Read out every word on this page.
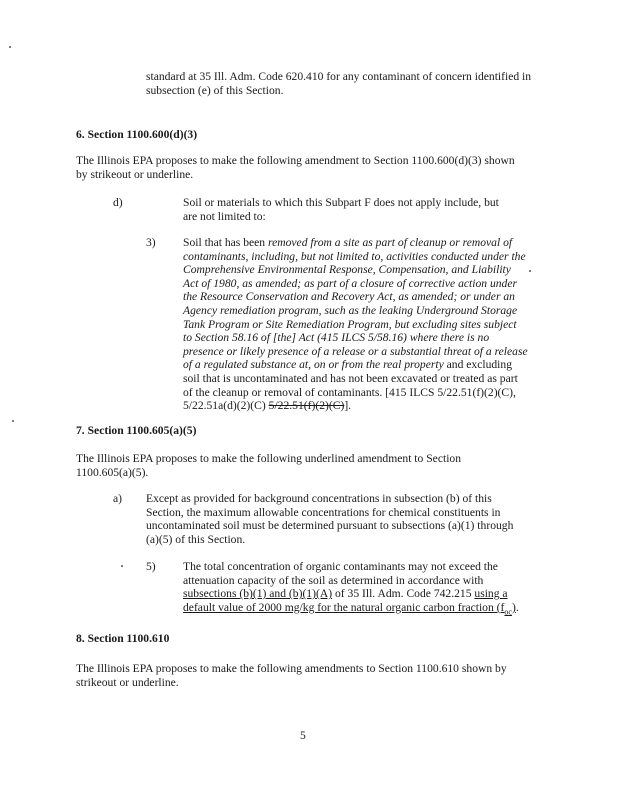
standard at 35 Ill. Adm. Code 620.410 for any contaminant of concern identified in subsection (e) of this Section.

6. Section 1100.600(d)(3)

The Illinois EPA proposes to make the following amendment to Section 1100.600(d)(3) shown by strikeout or underline.

d)	Soil or materials to which this Subpart F does not apply include, but are not limited to:

3) Soil that has been removed from a site as part of cleanup or removal of contaminants, including, but not limited to, activities conducted under the Comprehensive Environmental Response, Compensation, and Liability Act of 1980, as amended; as part of a closure of corrective action under the Resource Conservation and Recovery Act, as amended; or under an Agency remediation program, such as the leaking Underground Storage Tank Program or Site Remediation Program, but excluding sites subject to Section 58.16 of [the] Act (415 ILCS 5/58.16) where there is no presence or likely presence of a release or a substantial threat of a release of a regulated substance at, on or from the real property and excluding soil that is uncontaminated and has not been excavated or treated as part of the cleanup or removal of contaminants. [415 ILCS 5/22.51(f)(2)(C), 5/22.51a(d)(2)(C) 5/22.51(f)(2)(C)].

7. Section 1100.605(a)(5)

The Illinois EPA proposes to make the following underlined amendment to Section 1100.605(a)(5).

a) Except as provided for background concentrations in subsection (b) of this Section, the maximum allowable concentrations for chemical constituents in uncontaminated soil must be determined pursuant to subsections (a)(1) through (a)(5) of this Section.

5) The total concentration of organic contaminants may not exceed the attenuation capacity of the soil as determined in accordance with subsections (b)(1) and (b)(1)(A) of 35 Ill. Adm. Code 742.215 using a default value of 2000 mg/kg for the natural organic carbon fraction $(f_{oc})$.

8. Section 1100.610

The Illinois EPA proposes to make the following amendments to Section 1100.610 shown by strikeout or underline.

5
